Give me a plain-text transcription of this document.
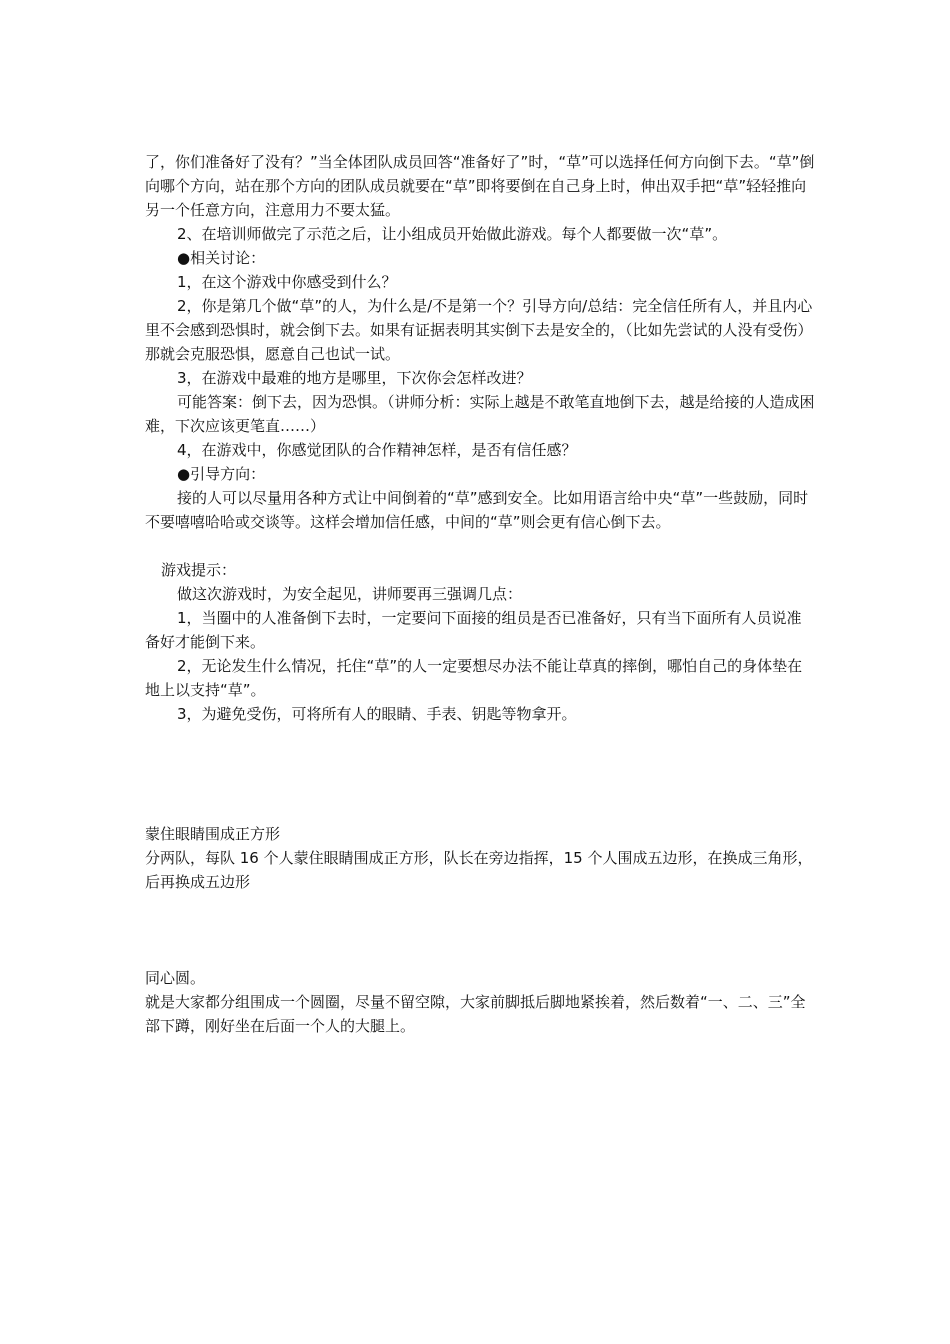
了，你们准备好了没有？”当全体团队成员回答“准备好了”时，“草”可以选择任何方向倒下去。“草”倒向哪个方向，站在那个方向的团队成员就要在“草”即将要倒在自己身上时，伸出双手把“草”轻轻推向另一个任意方向，注意用力不要太猛。

2、在培训师做完了示范之后，让小组成员开始做此游戏。每个人都要做一次“草”。

●相关讨论：

1，在这个游戏中你感受到什么？

2，你是第几个做“草”的人，为什么是/不是第一个？引导方向/总结：完全信任所有人，并且内心里不会感到恐惧时，就会倒下去。如果有证据表明其实倒下去是安全的，（比如先尝试的人没有受伤）那就会克服恐惧，愿意自己也试一试。

3，在游戏中最难的地方是哪里，下次你会怎样改进？

可能答案：倒下去，因为恐惧。（讲师分析：实际上越是不敢笔直地倒下去，越是给接的人造成困难，下次应该更笔直……）

4，在游戏中，你感觉团队的合作精神怎样，是否有信任感？

●引导方向：

接的人可以尽量用各种方式让中间倒着的“草”感到安全。比如用语言给中央“草”一些鼓励，同时不要嘻嘻哈哈或交谈等。这样会增加信任感，中间的“草”则会更有信心倒下去。

游戏提示：

做这次游戏时，为安全起见，讲师要再三强调几点：

1，当圈中的人准备倒下去时，一定要问下面接的组员是否已准备好，只有当下面所有人员说准备好才能倒下来。

2，无论发生什么情况，托住“草”的人一定要想尽办法不能让草真的摔倒，哪怕自己的身体垫在地上以支持“草”。

3，为避免受伤，可将所有人的眼睛、手表、钥匙等物拿开。

蒙住眼睛围成正方形

分两队，每队 16 个人蒙住眼睛围成正方形，队长在旁边指挥，15 个人围成五边形，在换成三角形，后再换成五边形

同心圆。

就是大家都分组围成一个圆圈，尽量不留空隙，大家前脚抵后脚地紧挨着，然后数着“一、二、三”全部下蹲，刚好坐在后面一个人的大腿上。
